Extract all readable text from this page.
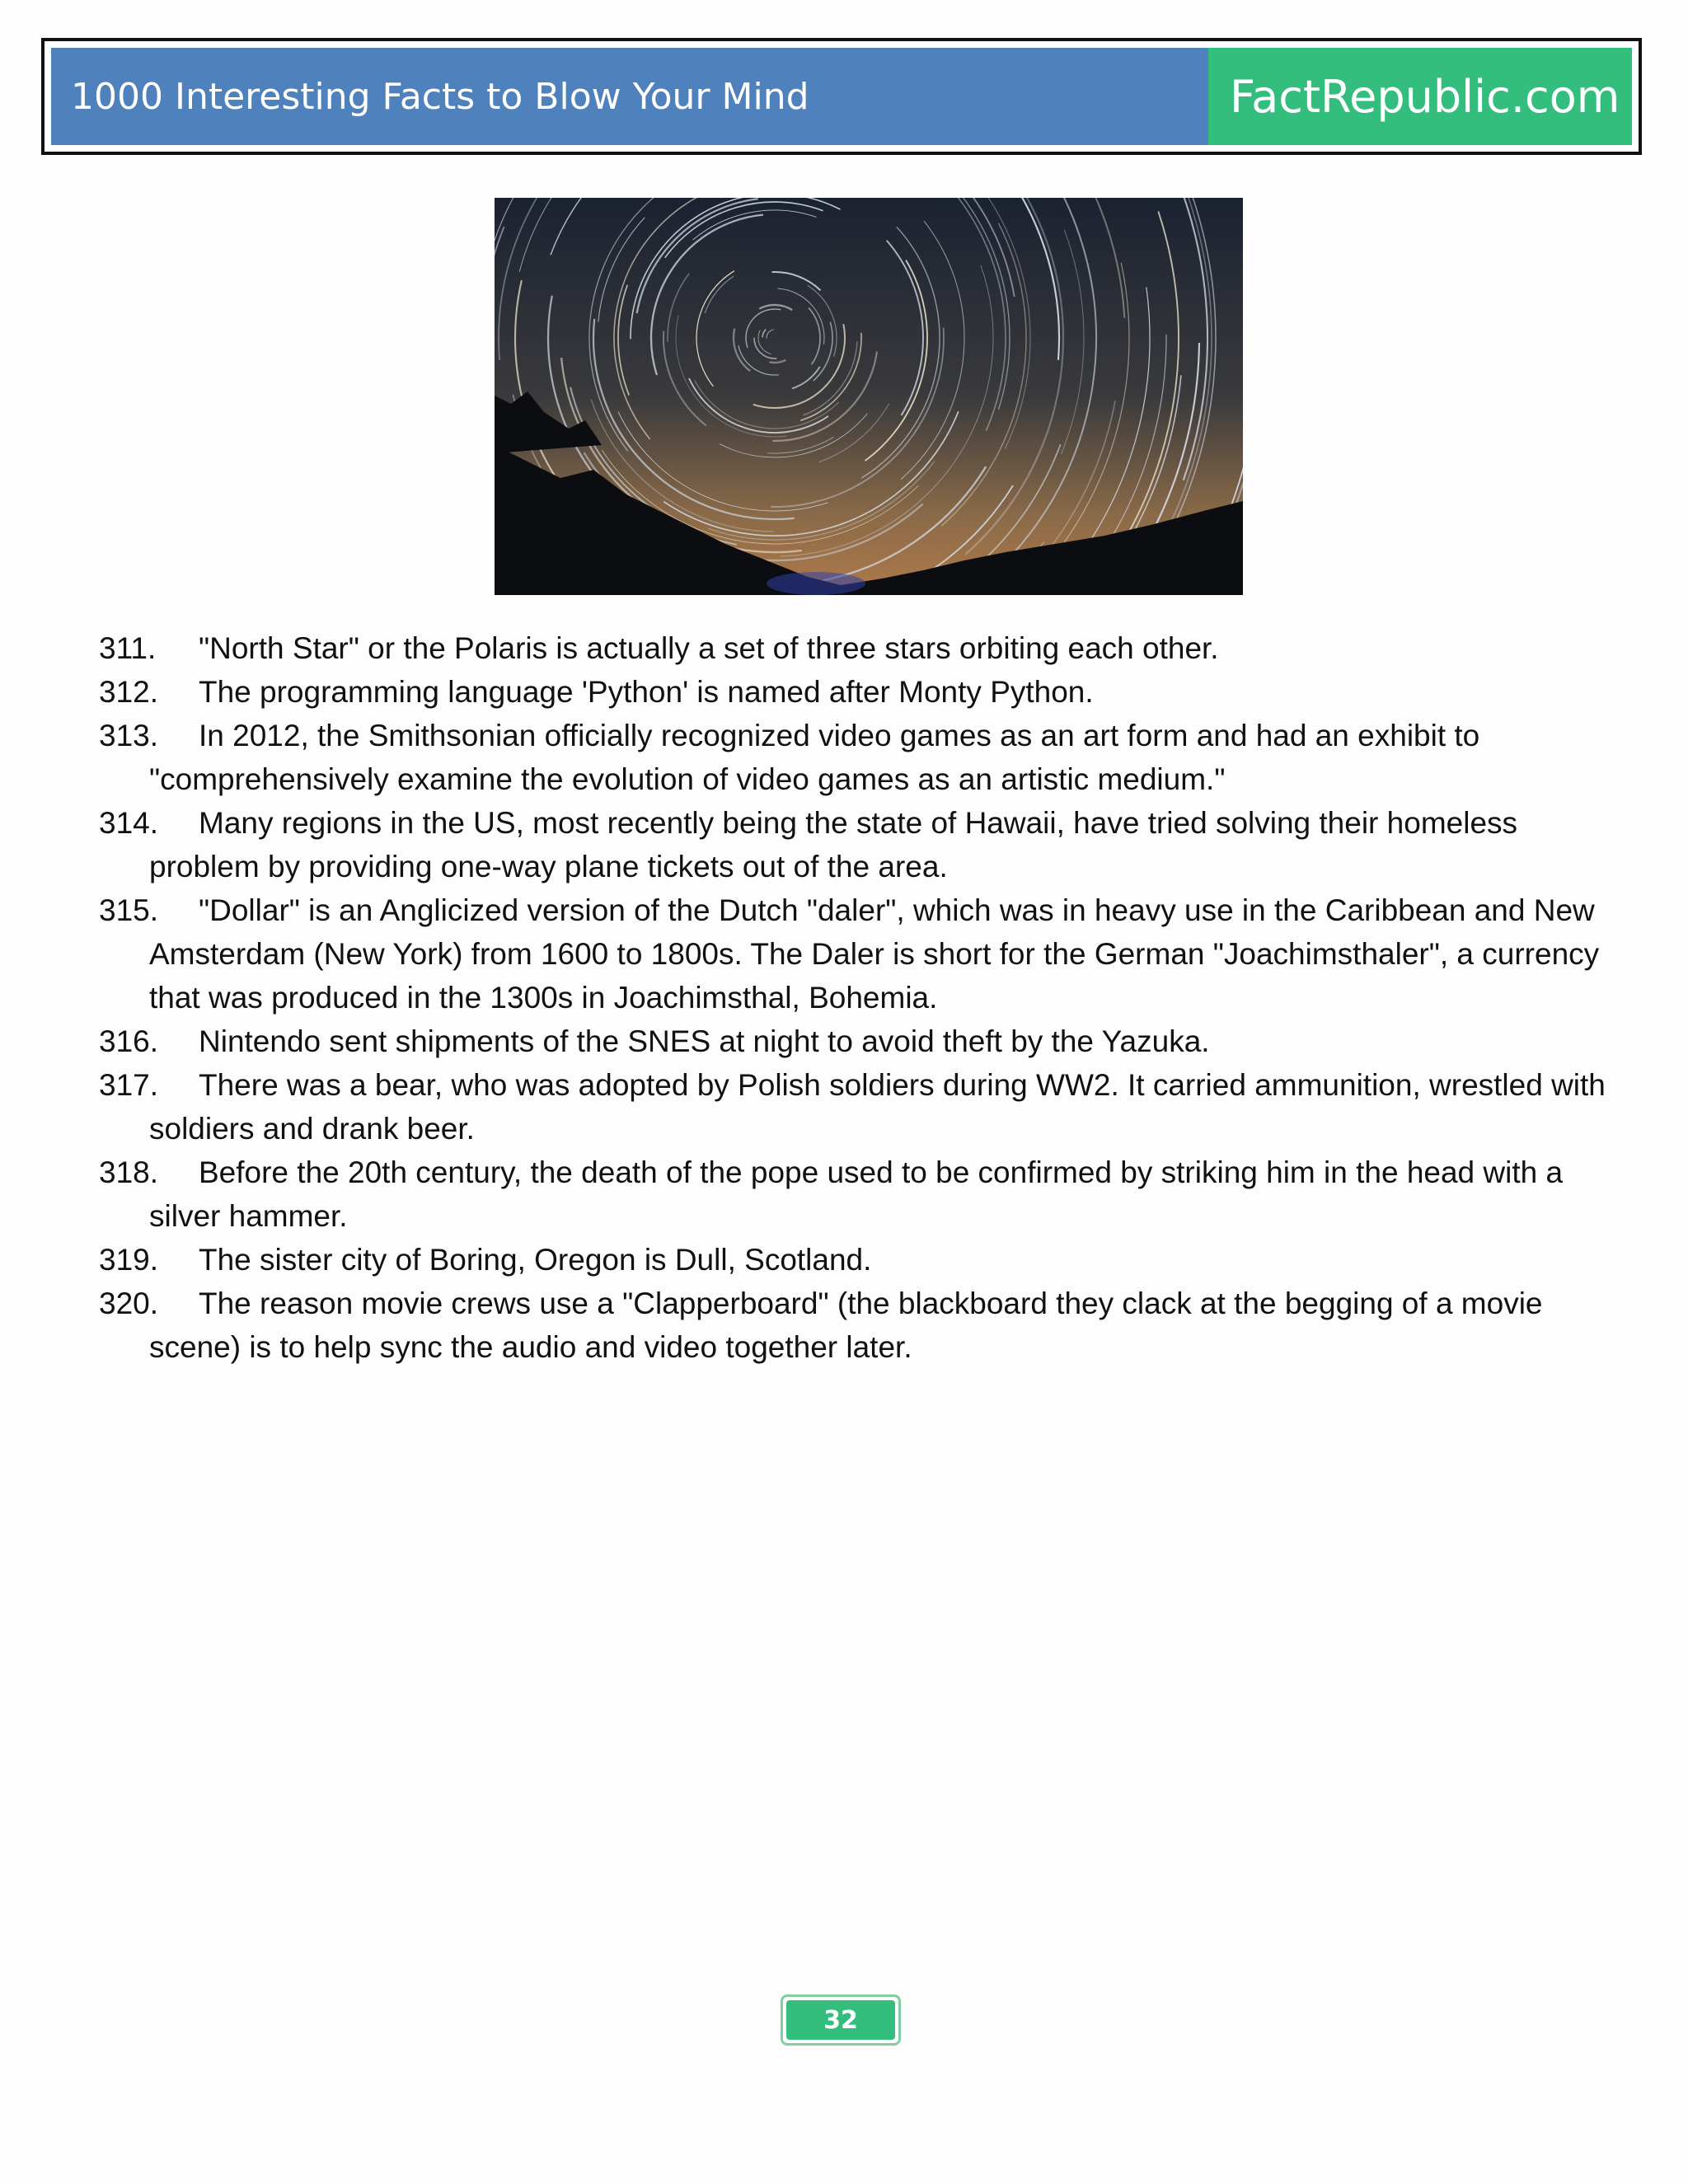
1000 Interesting Facts to Blow Your Mind	FactRepublic.com
311. "North Star" or the Polaris is actually a set of three stars orbiting each other.
312. The programming language 'Python' is named after Monty Python.
313. In 2012, the Smithsonian officially recognized video games as an art form and had an exhibit to "comprehensively examine the evolution of video games as an artistic medium."
314. Many regions in the US, most recently being the state of Hawaii, have tried solving their homeless problem by providing one-way plane tickets out of the area.
315. "Dollar" is an Anglicized version of the Dutch "daler", which was in heavy use in the Caribbean and New Amsterdam (New York) from 1600 to 1800s. The Daler is short for the German "Joachimsthaler", a currency that was produced in the 1300s in Joachimsthal, Bohemia.
316. Nintendo sent shipments of the SNES at night to avoid theft by the Yazuka.
317. There was a bear, who was adopted by Polish soldiers during WW2. It carried ammunition, wrestled with soldiers and drank beer.
318. Before the 20th century, the death of the pope used to be confirmed by striking him in the head with a silver hammer.
319. The sister city of Boring, Oregon is Dull, Scotland.
320. The reason movie crews use a "Clapperboard" (the blackboard they clack at the begging of a movie scene) is to help sync the audio and video together later.
32
